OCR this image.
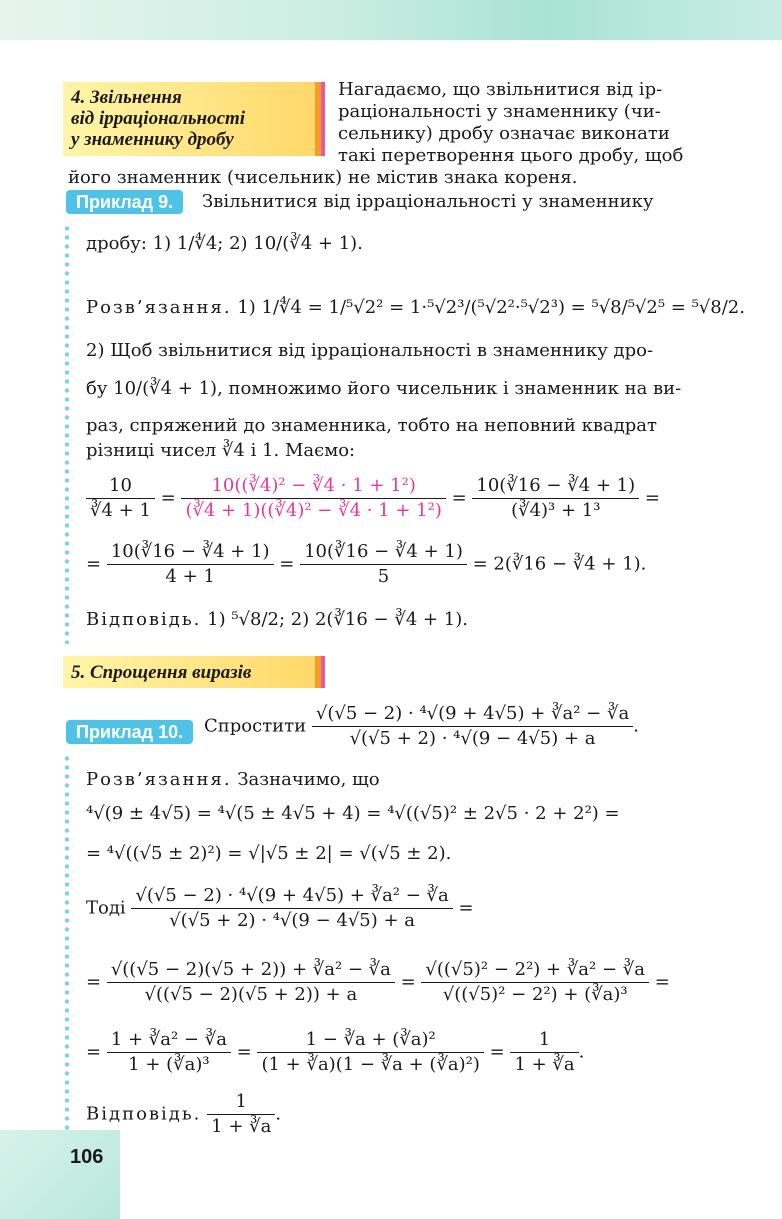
4. Звільнення
від ірраціональності
у знаменнику дробу
Нагадаємо, що звільнитися від ір-
раціональності у знаменнику (чи-
сельнику) дробу означає виконати
такі перетворення цього дробу, щоб
його знаменник (чисельник) не містив знака кореня.
Приклад 9.	Звільнитися від ірраціональності у знаменнику
дробу: 1) 1/∜4; 2) 10/(∛4 + 1).
Розв’язання. 1) 1/∜4 = 1/⁵√2² = 1·⁵√2³/(⁵√2²·⁵√2³) = ⁵√8/⁵√2⁵ = ⁵√8/2.
2) Щоб звільнитися від ірраціональності в знаменнику дро-
бу 10/(∛4 + 1), помножимо його чисельник і знаменник на ви-
раз, спряжений до знаменника, тобто на неповний квадрат
різниці чисел ∛4 і 1. Маємо:
$\frac{10}{∛4 + 1} = \frac{\text{10((∛4)² − ∛4 · 1 + 1²)}}{\text{(∛4 + 1)((∛4)² − ∛4 · 1 + 1²)}} = \frac{10(∛16 - ∛4 + 1)}{\text{(∛4)³ + 1³}}$ =
= $\frac{10(∛16 - ∛4 + 1)}{4 + 1} = \frac{10(∛16 - ∛4 + 1)}{5}$ = 2(∛16 − ∛4 + 1).
Відповідь. 1) ⁵√8/2; 2) 2(∛16 − ∛4 + 1).
5. Спрощення виразів
Приклад 10.	Спростити $\frac{\text{√(√5 − 2) · ⁴√(9 + 4√5) + ∛a² − ∛a}}{\text{√(√5 + 2) · ⁴√(9 − 4√5) + a}}$ .
Розв’язання. Зазначимо, що
⁴√(9 ± 4√5) = ⁴√(5 ± 4√5 + 4) = ⁴√((√5)² ± 2√5 · 2 + 2²) =
= ⁴√((√5 ± 2)²) = √|√5 ± 2| = √(√5 ± 2).
Тоді $\frac{\text{√(√5 − 2) · ⁴√(9 + 4√5) + ∛a² − ∛a}}{\text{√(√5 + 2) · ⁴√(9 − 4√5) + a}}$ =
= $\frac{\text{√((√5 − 2)(√5 + 2)) + ∛a² − ∛a}}{√((√5 - 2)(√5 + 2)) + a} = \frac{\text{√((√5)² − 2²) + ∛a² − ∛a}}{\text{√((√5)² − 2²) + (∛a)³}}$ =
= $\frac{\text{1 + ∛a² − ∛a}}{\text{1 + (∛a)³}} = \frac{\text{1 − ∛a + (∛a)²}}{\text{(1 + ∛a)(1 − ∛a + (∛a)²)}} = \frac{1}{1 + ∛a}$ .
Відповідь. $\frac{1}{1 + ∛a}$ .
106
